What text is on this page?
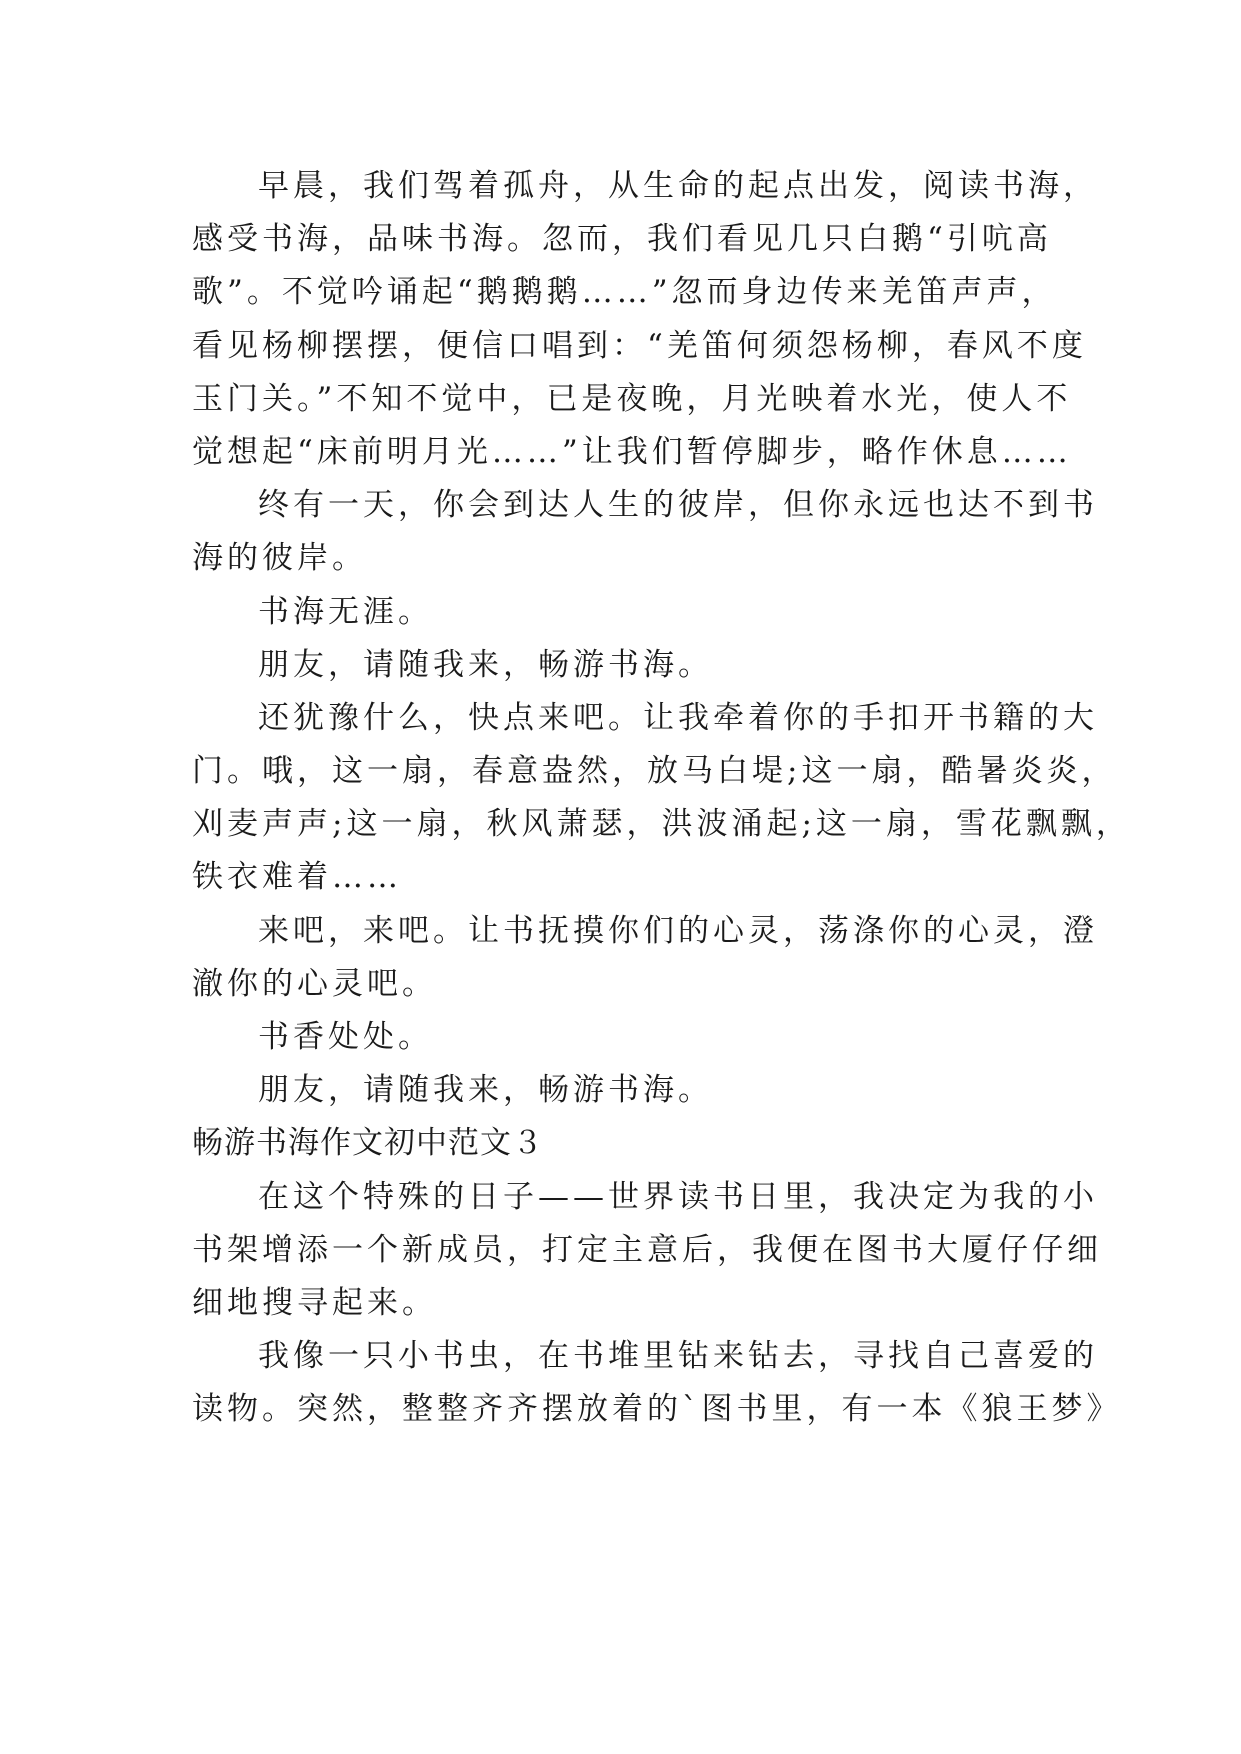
早晨，我们驾着孤舟，从生命的起点出发，阅读书海，
感受书海，品味书海。忽而，我们看见几只白鹅“引吭高
歌”。不觉吟诵起“鹅鹅鹅……”忽而身边传来羌笛声声，
看见杨柳摆摆，便信口唱到：“羌笛何须怨杨柳，春风不度
玉门关。”不知不觉中，已是夜晚，月光映着水光，使人不
觉想起“床前明月光……”让我们暂停脚步，略作休息……
终有一天，你会到达人生的彼岸，但你永远也达不到书
海的彼岸。
书海无涯。
朋友，请随我来，畅游书海。
还犹豫什么，快点来吧。让我牵着你的手扣开书籍的大
门。哦，这一扇，春意盎然，放马白堤;这一扇，酷暑炎炎，
刈麦声声;这一扇，秋风萧瑟，洪波涌起;这一扇，雪花飘飘，
铁衣难着……
来吧，来吧。让书抚摸你们的心灵，荡涤你的心灵，澄
澈你的心灵吧。
书香处处。
朋友，请随我来，畅游书海。
畅游书海作文初中范文３
在这个特殊的日子——世界读书日里，我决定为我的小
书架增添一个新成员，打定主意后，我便在图书大厦仔仔细
细地搜寻起来。
我像一只小书虫，在书堆里钻来钻去，寻找自己喜爱的
读物。突然，整整齐齐摆放着的`图书里，有一本《狼王梦》
